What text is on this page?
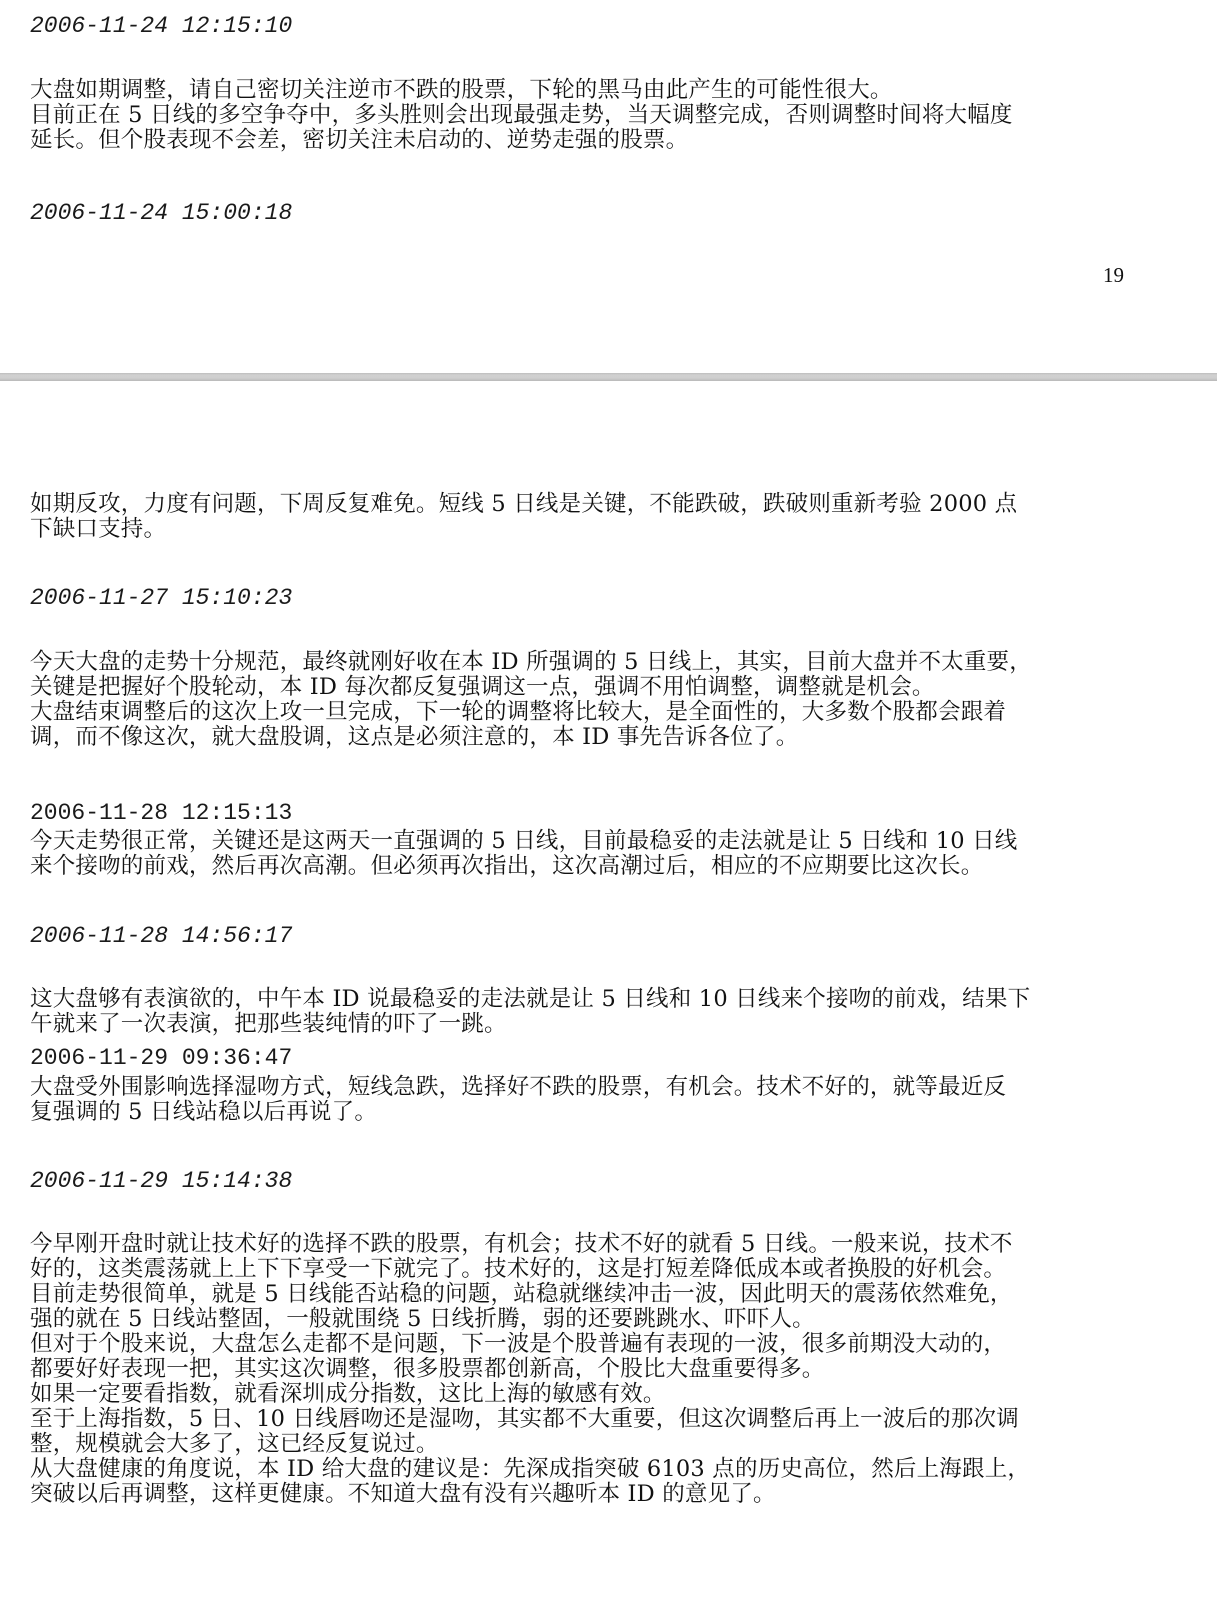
2006-11-24 12:15:10
大盘如期调整，请自己密切关注逆市不跌的股票，下轮的黑马由此产生的可能性很大。
目前正在 5 日线的多空争夺中，多头胜则会出现最强走势，当天调整完成，否则调整时间将大幅度
延长。但个股表现不会差，密切关注未启动的、逆势走强的股票。
2006-11-24 15:00:18
19
如期反攻，力度有问题，下周反复难免。短线 5 日线是关键，不能跌破，跌破则重新考验 2000 点
下缺口支持。
2006-11-27 15:10:23
今天大盘的走势十分规范，最终就刚好收在本 ID 所强调的 5 日线上，其实，目前大盘并不太重要，
关键是把握好个股轮动，本 ID 每次都反复强调这一点，强调不用怕调整，调整就是机会。
大盘结束调整后的这次上攻一旦完成，下一轮的调整将比较大，是全面性的，大多数个股都会跟着
调，而不像这次，就大盘股调，这点是必须注意的，本 ID 事先告诉各位了。
2006-11-28 12:15:13
今天走势很正常，关键还是这两天一直强调的 5 日线，目前最稳妥的走法就是让 5 日线和 10 日线
来个接吻的前戏，然后再次高潮。但必须再次指出，这次高潮过后，相应的不应期要比这次长。
2006-11-28 14:56:17
这大盘够有表演欲的，中午本 ID 说最稳妥的走法就是让 5 日线和 10 日线来个接吻的前戏，结果下
午就来了一次表演，把那些装纯情的吓了一跳。
2006-11-29 09:36:47
大盘受外围影响选择湿吻方式，短线急跌，选择好不跌的股票，有机会。技术不好的，就等最近反
复强调的 5 日线站稳以后再说了。
2006-11-29 15:14:38
今早刚开盘时就让技术好的选择不跌的股票，有机会；技术不好的就看 5 日线。一般来说，技术不
好的，这类震荡就上上下下享受一下就完了。技术好的，这是打短差降低成本或者换股的好机会。
目前走势很简单，就是 5 日线能否站稳的问题，站稳就继续冲击一波，因此明天的震荡依然难免，
强的就在 5 日线站整固，一般就围绕 5 日线折腾，弱的还要跳跳水、吓吓人。
但对于个股来说，大盘怎么走都不是问题，下一波是个股普遍有表现的一波，很多前期没大动的，
都要好好表现一把，其实这次调整，很多股票都创新高，个股比大盘重要得多。
如果一定要看指数，就看深圳成分指数，这比上海的敏感有效。
至于上海指数，5 日、10 日线唇吻还是湿吻，其实都不大重要，但这次调整后再上一波后的那次调
整，规模就会大多了，这已经反复说过。
从大盘健康的角度说，本 ID 给大盘的建议是：先深成指突破 6103 点的历史高位，然后上海跟上，
突破以后再调整，这样更健康。不知道大盘有没有兴趣听本 ID 的意见了。
